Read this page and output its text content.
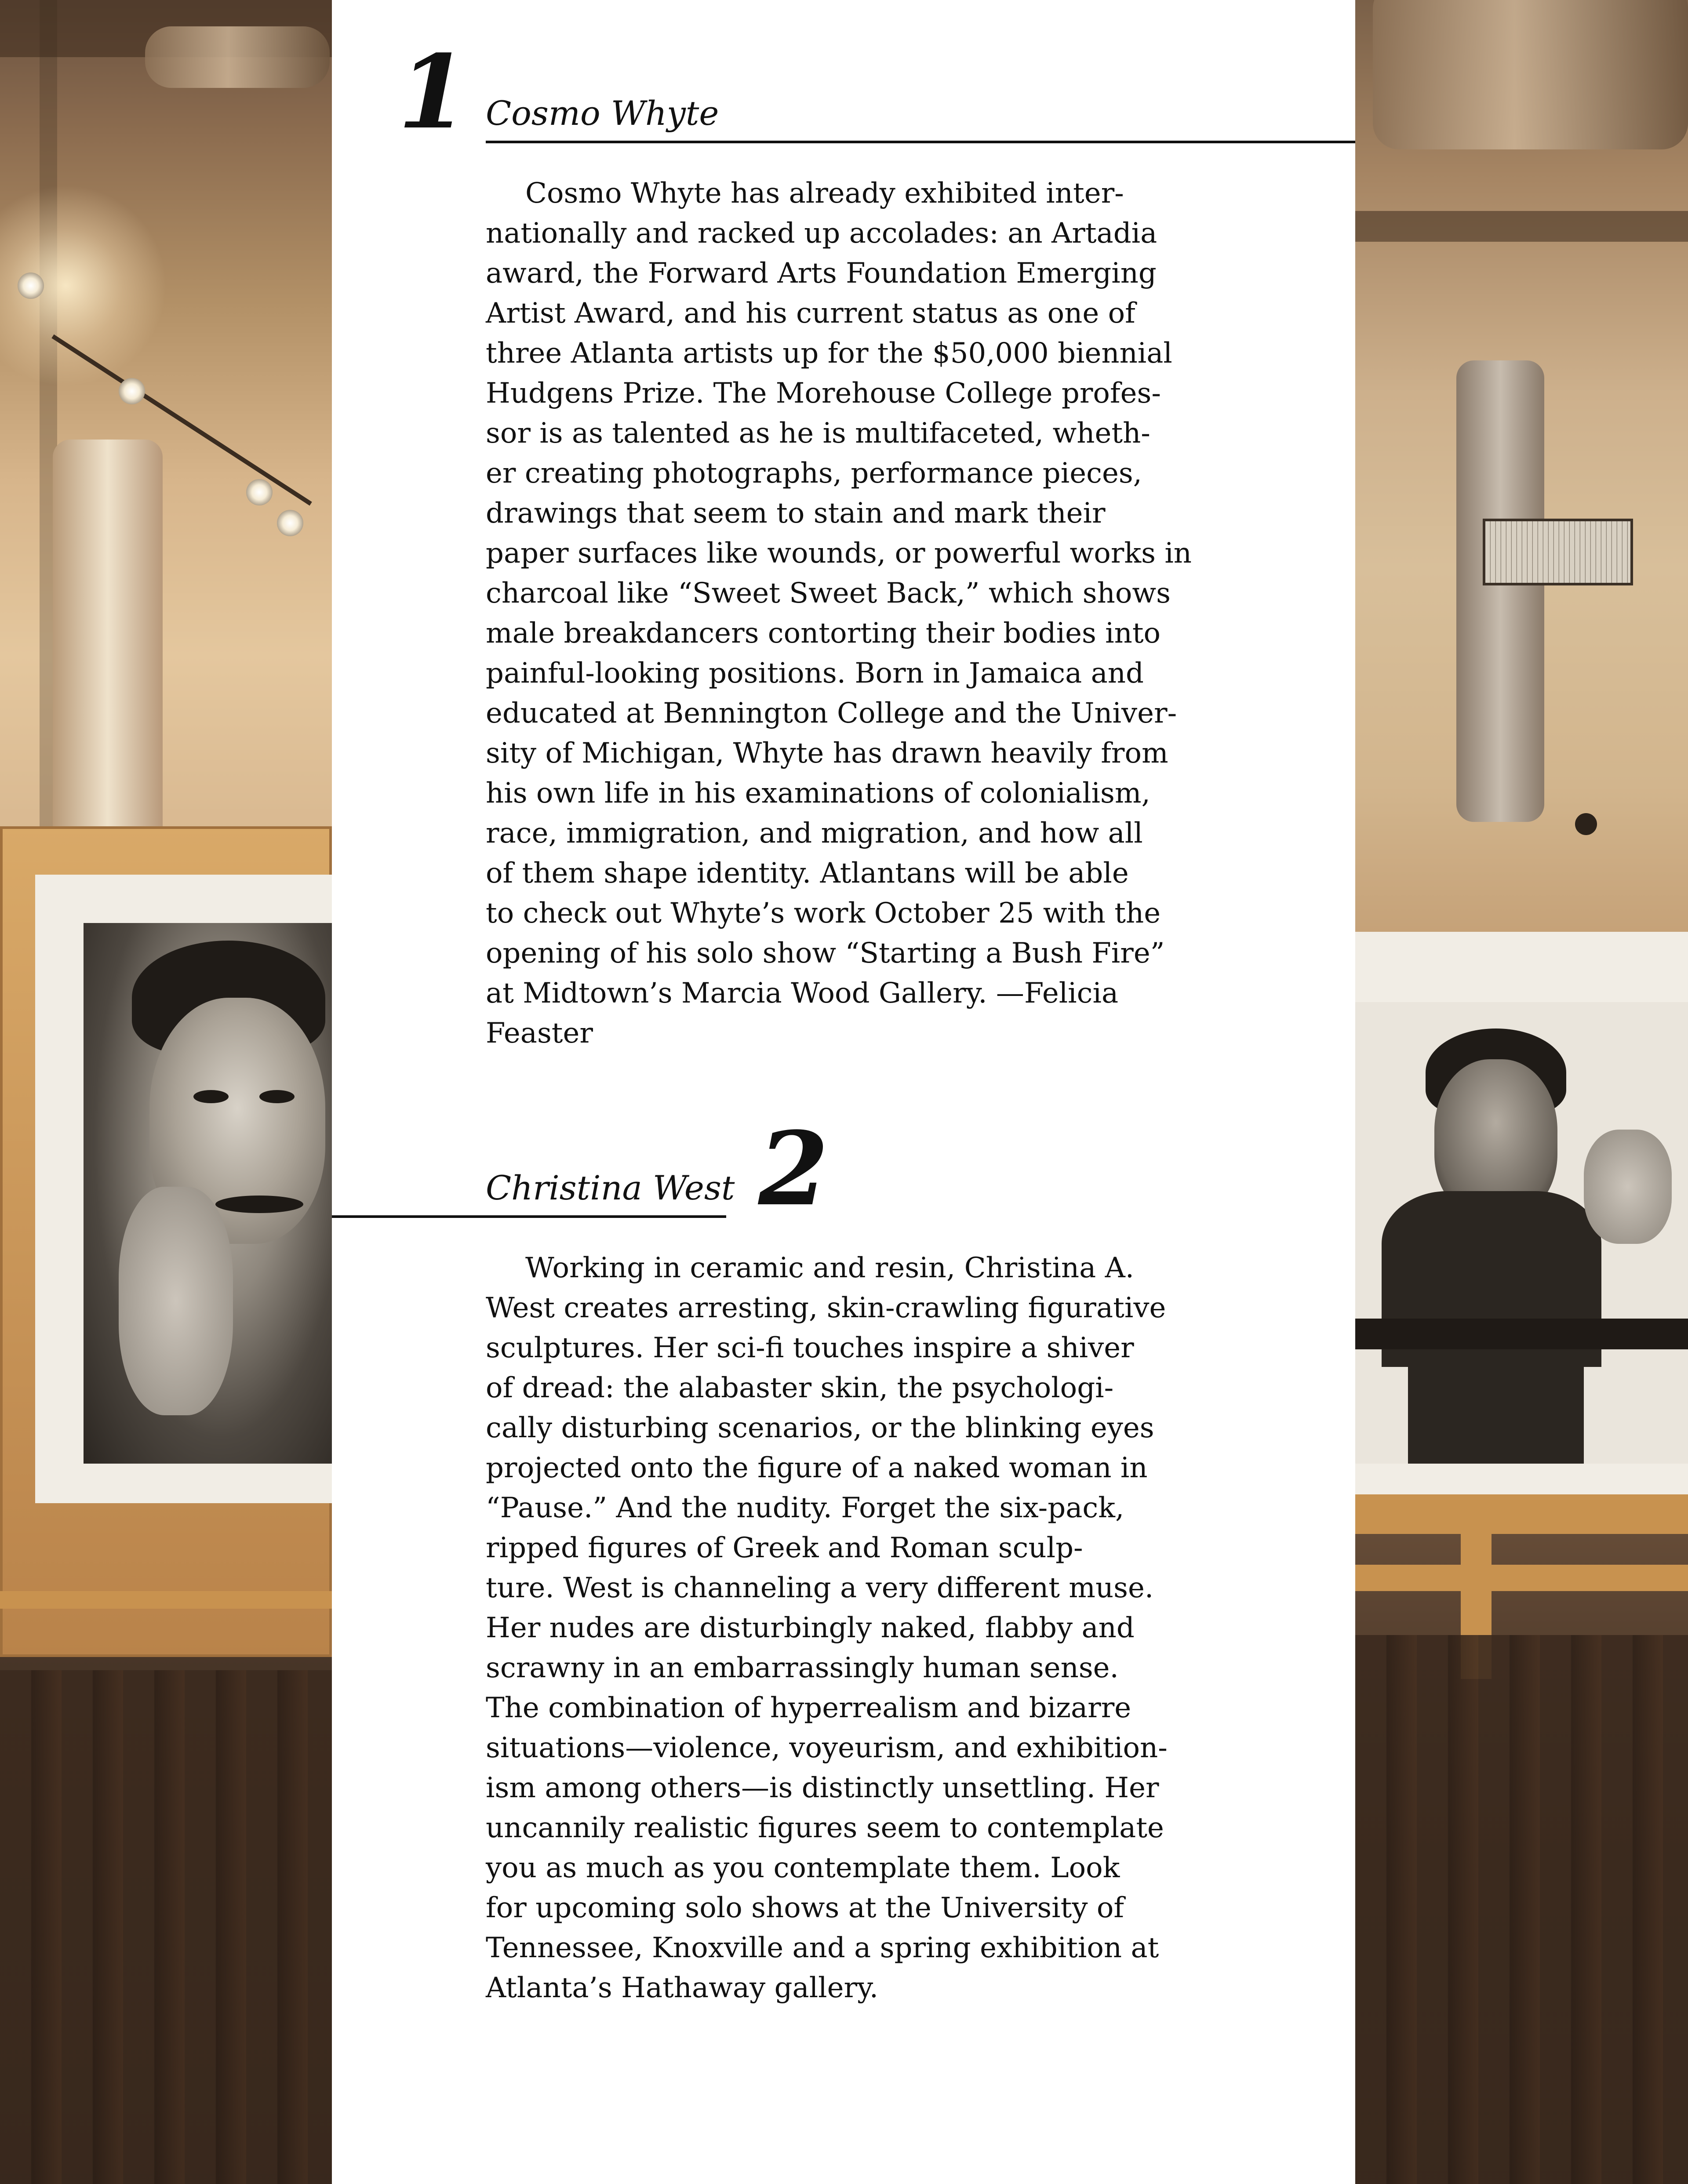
1 Cosmo Whyte
Cosmo Whyte has already exhibited inter-
nationally and racked up accolades: an Artadia
award, the Forward Arts Foundation Emerging
Artist Award, and his current status as one of
three Atlanta artists up for the $50,000 biennial
Hudgens Prize. The Morehouse College profes-
sor is as talented as he is multifaceted, wheth-
er creating photographs, performance pieces,
drawings that seem to stain and mark their
paper surfaces like wounds, or powerful works in
charcoal like “Sweet Sweet Back,” which shows
male breakdancers contorting their bodies into
painful-looking positions. Born in Jamaica and
educated at Bennington College and the Univer-
sity of Michigan, Whyte has drawn heavily from
his own life in his examinations of colonialism,
race, immigration, and migration, and how all
of them shape identity. Atlantans will be able
to check out Whyte’s work October 25 with the
opening of his solo show “Starting a Bush Fire”
at Midtown’s Marcia Wood Gallery. —Felicia
Feaster
Christina West 2
Working in ceramic and resin, Christina A.
West creates arresting, skin-crawling figurative
sculptures. Her sci-fi touches inspire a shiver
of dread: the alabaster skin, the psychologi-
cally disturbing scenarios, or the blinking eyes
projected onto the figure of a naked woman in
“Pause.” And the nudity. Forget the six-pack,
ripped figures of Greek and Roman sculp-
ture. West is channeling a very different muse.
Her nudes are disturbingly naked, flabby and
scrawny in an embarrassingly human sense.
The combination of hyperrealism and bizarre
situations—violence, voyeurism, and exhibition-
ism among others—is distinctly unsettling. Her
uncannily realistic figures seem to contemplate
you as much as you contemplate them. Look
for upcoming solo shows at the University of
Tennessee, Knoxville and a spring exhibition at
Atlanta’s Hathaway gallery.
